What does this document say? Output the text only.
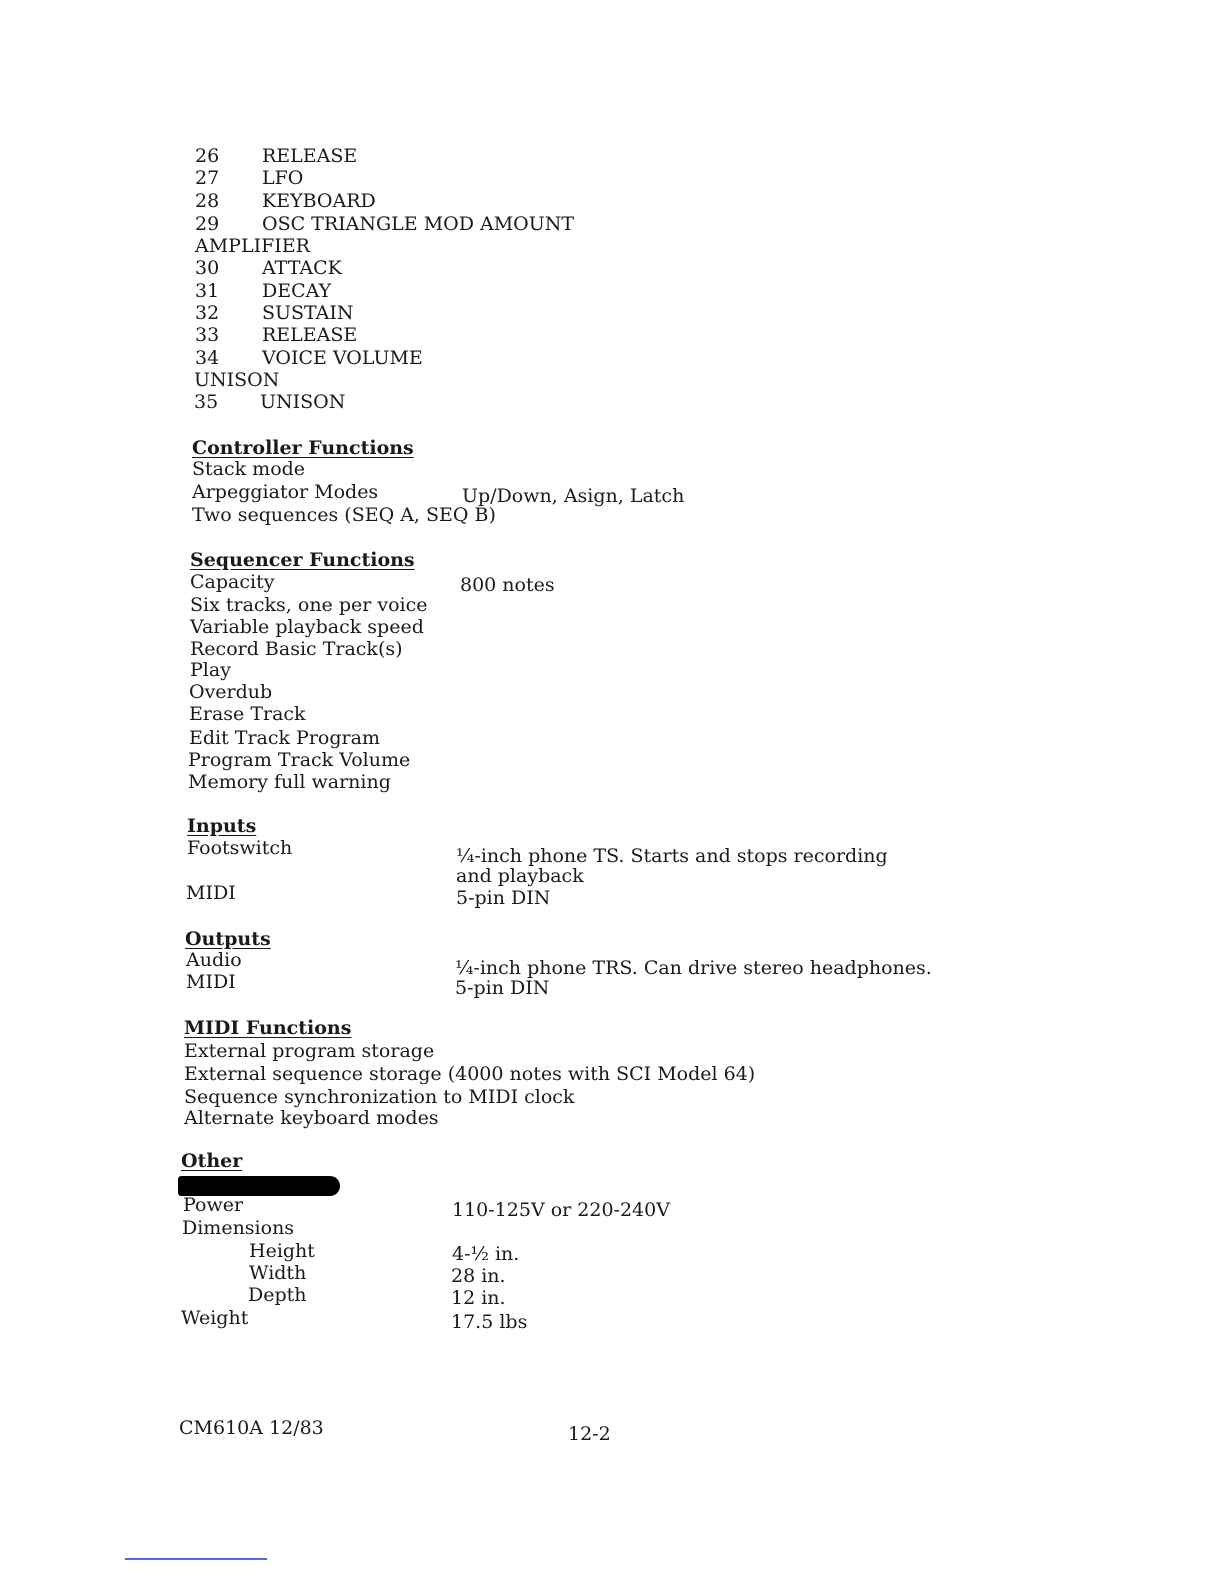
26 RELEASE
27 LFO
28 KEYBOARD
29 OSC TRIANGLE MOD AMOUNT
AMPLIFIER
30 ATTACK
31 DECAY
32 SUSTAIN
33 RELEASE
34 VOICE VOLUME
UNISON
35 UNISON
Controller Functions
Stack mode
Arpeggiator Modes	Up/Down, Asign, Latch
Two sequences (SEQ A, SEQ B)
Sequencer Functions
Capacity	800 notes
Six tracks, one per voice
Variable playback speed
Record Basic Track(s)
Play
Overdub
Erase Track
Edit Track Program
Program Track Volume
Memory full warning
Inputs
Footswitch	¼-inch phone TS. Starts and stops recording
and playback
MIDI	5-pin DIN
Outputs
Audio	¼-inch phone TRS. Can drive stereo headphones.
MIDI	5-pin DIN
MIDI Functions
External program storage
External sequence storage (4000 notes with SCI Model 64)
Sequence synchronization to MIDI clock
Alternate keyboard modes
Other
Power	110-125V or 220-240V
Dimensions
Height	4-½ in.
Width	28 in.
Depth	12 in.
Weight	17.5 lbs
CM610A 12/83	12-2
